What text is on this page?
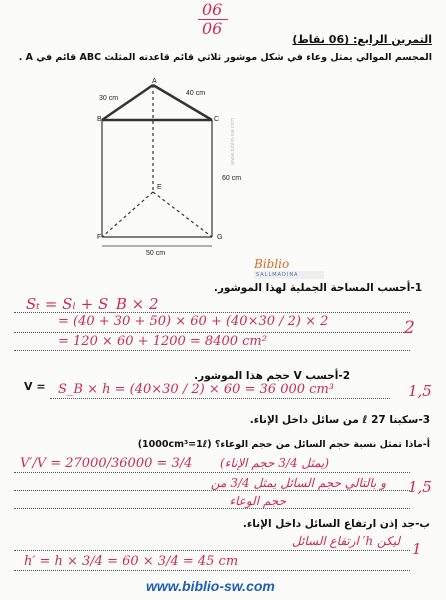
06
06
التمرين الرابع: (06 نقاط)
المجسم الموالي يمثل وعاء في شكل موشور ثلاثي قائم قاعدته المثلث ABC قائم في A .
30 cm
40 cm
60 cm
50 cm
A
B	C
E
F	G
www.biblio-sw.com
Biblio
SALLMADINA
1-أحسب المساحة الجملية لهذا الموشور.
Sₜ = Sₗ + S_B × 2
= (40 + 30 + 50) × 60 + (40×30 / 2) × 2
= 120 × 60 + 1200 = 8400 cm²
2
2-أحسب V حجم هذا الموشور.
V = S_B × h = (40×30 / 2) × 60 = 36 000 cm³	1,5
3-سكبنا 27 ℓ من سائل داخل الإناء.
أ-ماذا تمثل نسبة حجم السائل من حجم الوعاء؟ (1000cm³=1ℓ)
V′/V = 27000/36000 = 3/4 (يمثل 3/4 حجم الإناء)
و بالتالي حجم السائل يمثل 3/4 من
حجم الوعاء
1,5
ب-جد إذن ارتفاع السائل داخل الإناء.
ليكن h′ ارتفاع السائل
h′ = h × 3/4 = 60 × 3/4 = 45 cm
1
www.biblio-sw.com
